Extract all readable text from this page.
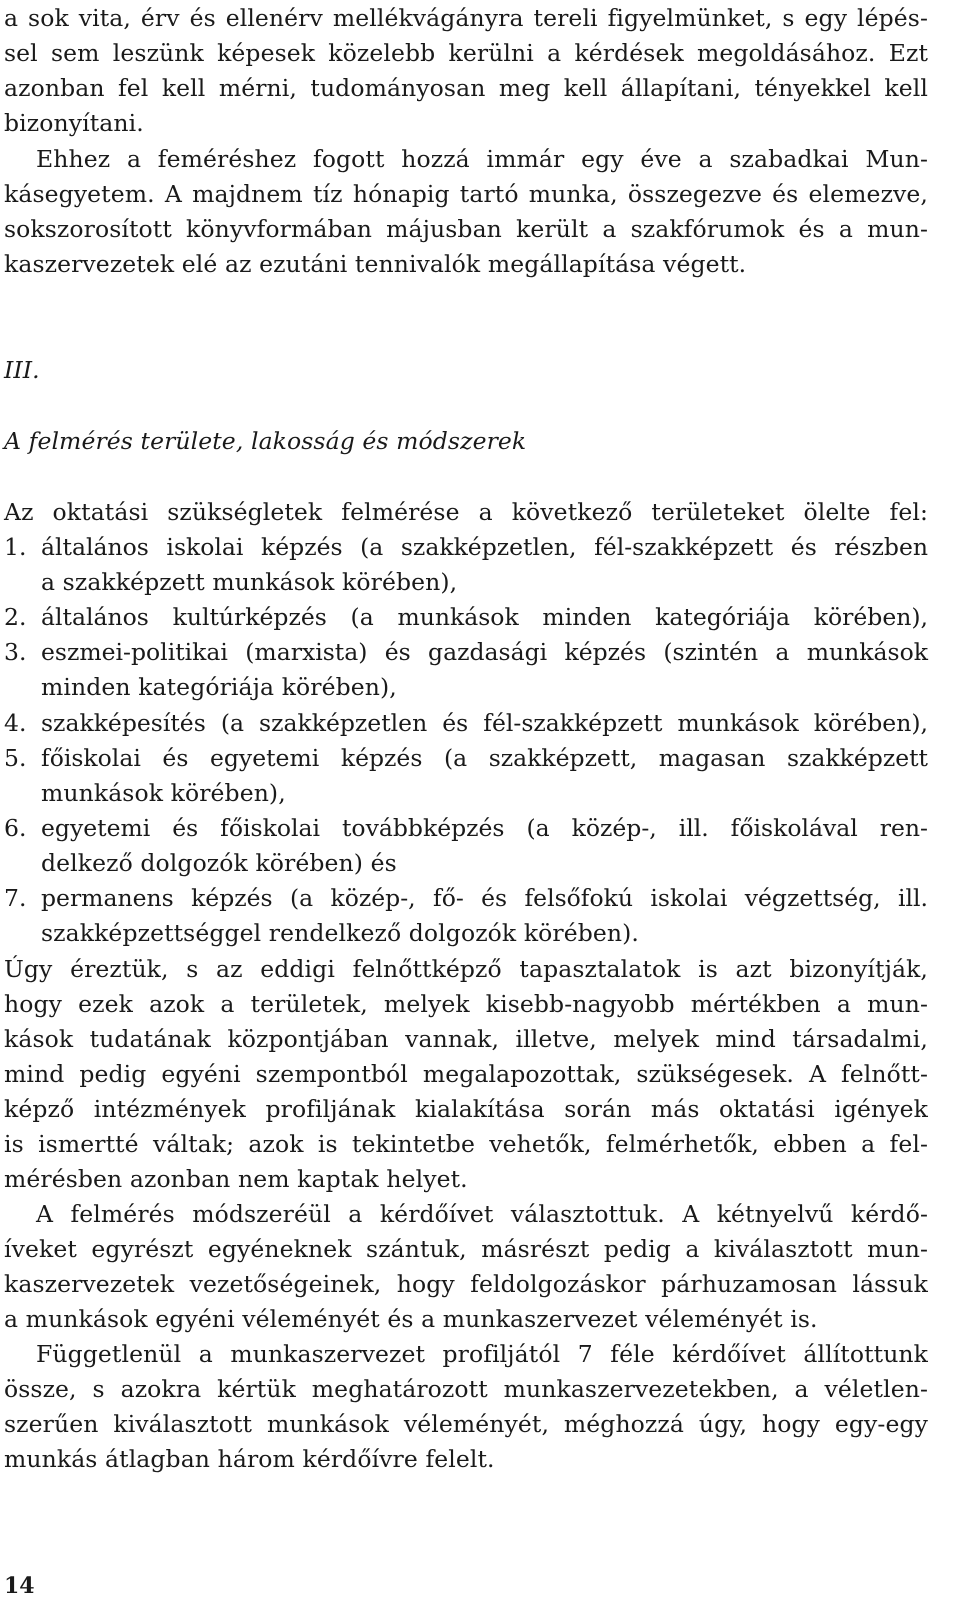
a sok vita, érv és ellenérv mellékvágányra tereli figyelmünket, s egy lépés-
sel sem leszünk képesek közelebb kerülni a kérdések megoldásához. Ezt
azonban fel kell mérni, tudományosan meg kell állapítani, tényekkel kell
bizonyítani.
Ehhez a feméréshez fogott hozzá immár egy éve a szabadkai Mun-
kásegyetem. A majdnem tíz hónapig tartó munka, összegezve és elemezve,
sokszorosított könyvformában májusban került a szakfórumok és a mun-
kaszervezetek elé az ezutáni tennivalók megállapítása végett.
III.
A felmérés területe, lakosság és módszerek
Az oktatási szükségletek felmérése a következő területeket ölelte fel:
1. általános iskolai képzés (a szakképzetlen, fél-szakképzett és részben
a szakképzett munkások körében),
2. általános kultúrképzés (a munkások minden kategóriája körében),
3. eszmei-politikai (marxista) és gazdasági képzés (szintén a munkások
minden kategóriája körében),
4. szakképesítés (a szakképzetlen és fél-szakképzett munkások körében),
5. főiskolai és egyetemi képzés (a szakképzett, magasan szakképzett
munkások körében),
6. egyetemi és főiskolai továbbképzés (a közép-, ill. főiskolával ren-
delkező dolgozók körében) és
7. permanens képzés (a közép-, fő- és felsőfokú iskolai végzettség, ill.
szakképzettséggel rendelkező dolgozók körében).
Úgy éreztük, s az eddigi felnőttképző tapasztalatok is azt bizonyítják,
hogy ezek azok a területek, melyek kisebb-nagyobb mértékben a mun-
kások tudatának központjában vannak, illetve, melyek mind társadalmi,
mind pedig egyéni szempontból megalapozottak, szükségesek. A felnőtt-
képző intézmények profiljának kialakítása során más oktatási igények
is ismertté váltak; azok is tekintetbe vehetők, felmérhetők, ebben a fel-
mérésben azonban nem kaptak helyet.
A felmérés módszeréül a kérdőívet választottuk. A kétnyelvű kérdő-
íveket egyrészt egyéneknek szántuk, másrészt pedig a kiválasztott mun-
kaszervezetek vezetőségeinek, hogy feldolgozáskor párhuzamosan lássuk
a munkások egyéni véleményét és a munkaszervezet véleményét is.
Függetlenül a munkaszervezet profiljától 7 féle kérdőívet állítottunk
össze, s azokra kértük meghatározott munkaszervezetekben, a véletlen-
szerűen kiválasztott munkások véleményét, méghozzá úgy, hogy egy-egy
munkás átlagban három kérdőívre felelt.
14
